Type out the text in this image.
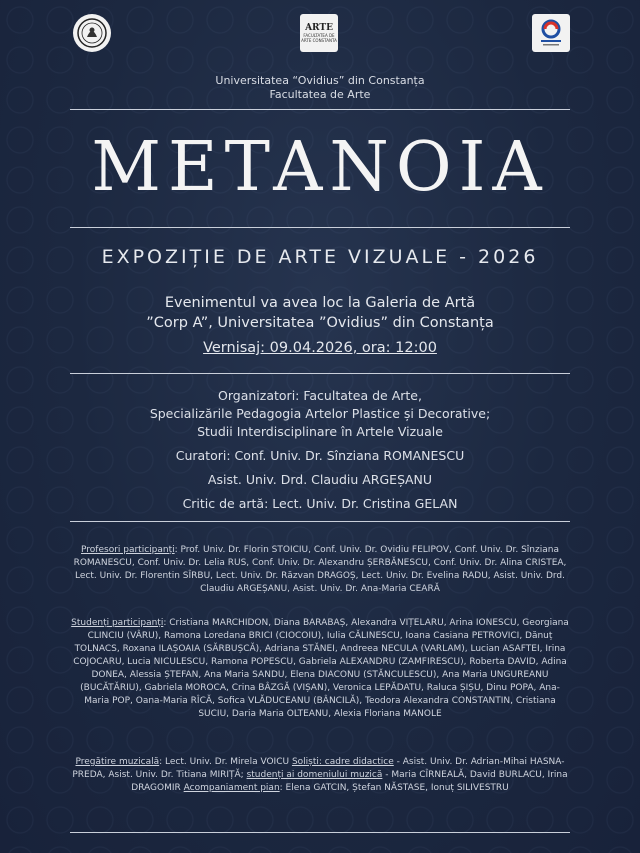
ARTE
FACULTATEA DE ARTE CONSTANTA
Universitatea “Ovidius” din Constanța
Facultatea de Arte
METANOIA
EXPOZIȚIE DE ARTE VIZUALE - 2026
Evenimentul va avea loc la Galeria de Artă
”Corp A”, Universitatea ”Ovidius” din Constanța
Vernisaj: 09.04.2026, ora: 12:00
Organizatori: Facultatea de Arte,
Specializările Pedagogia Artelor Plastice și Decorative;
Studii Interdisciplinare în Artele Vizuale
Curatori: Conf. Univ. Dr. Sînziana ROMANESCU
Asist. Univ. Drd. Claudiu ARGEȘANU
Critic de artă: Lect. Univ. Dr. Cristina GELAN
Profesori participanți: Prof. Univ. Dr. Florin STOICIU, Conf. Univ. Dr. Ovidiu FELIPOV, Conf. Univ. Dr. Sînziana ROMANESCU, Conf. Univ. Dr. Lelia RUS, Conf. Univ. Dr. Alexandru ȘERBĂNESCU, Conf. Univ. Dr. Alina CRISTEA, Lect. Univ. Dr. Florentin SÎRBU, Lect. Univ. Dr. Răzvan DRAGOȘ, Lect. Univ. Dr. Evelina RADU, Asist. Univ. Drd. Claudiu ARGEȘANU, Asist. Univ. Dr. Ana-Maria CEARĂ
Studenți participanți: Cristiana MARCHIDON, Diana BARABAȘ, Alexandra VIȚELARU, Arina IONESCU, Georgiana CLINCIU (VÂRU), Ramona Loredana BRICI (CIOCOIU), Iulia CĂLINESCU, Ioana Casiana PETROVICI, Dănuț TOLNACS, Roxana ILAȘOAIA (SĂRBUȘCĂ), Adriana STĂNEI, Andreea NECULA (VARLAM), Lucian ASAFTEI, Irina COJOCARU, Lucia NICULESCU, Ramona POPESCU, Gabriela ALEXANDRU (ZAMFIRESCU), Roberta DAVID, Adina DONEA, Alessia ȘTEFAN, Ana Maria SANDU, Elena DIACONU (STĂNCULESCU), Ana Maria UNGUREANU (BUCĂTĂRIU), Gabriela MOROCA, Crina BÂZGĂ (VIȘAN), Veronica LEPĂDATU, Raluca ȘIȘU, Dinu POPA, Ana-Maria POP, Oana-Maria RÎCĂ, Sofica VLĂDUCEANU (BÂNCILĂ), Teodora Alexandra CONSTANTIN, Cristiana SUCIU, Daria Maria OLTEANU, Alexia Floriana MANOLE
Pregătire muzicală: Lect. Univ. Dr. Mirela VOICU Soliști: cadre didactice - Asist. Univ. Dr. Adrian-Mihai HASNA-PREDA, Asist. Univ. Dr. Titiana MIRIȚĂ; studenți ai domeniului muzică - Maria CÎRNEALĂ, David BURLACU, Irina DRAGOMIR Acompaniament pian: Elena GATCIN, Ștefan NĂSTASE, Ionuț SILIVESTRU
